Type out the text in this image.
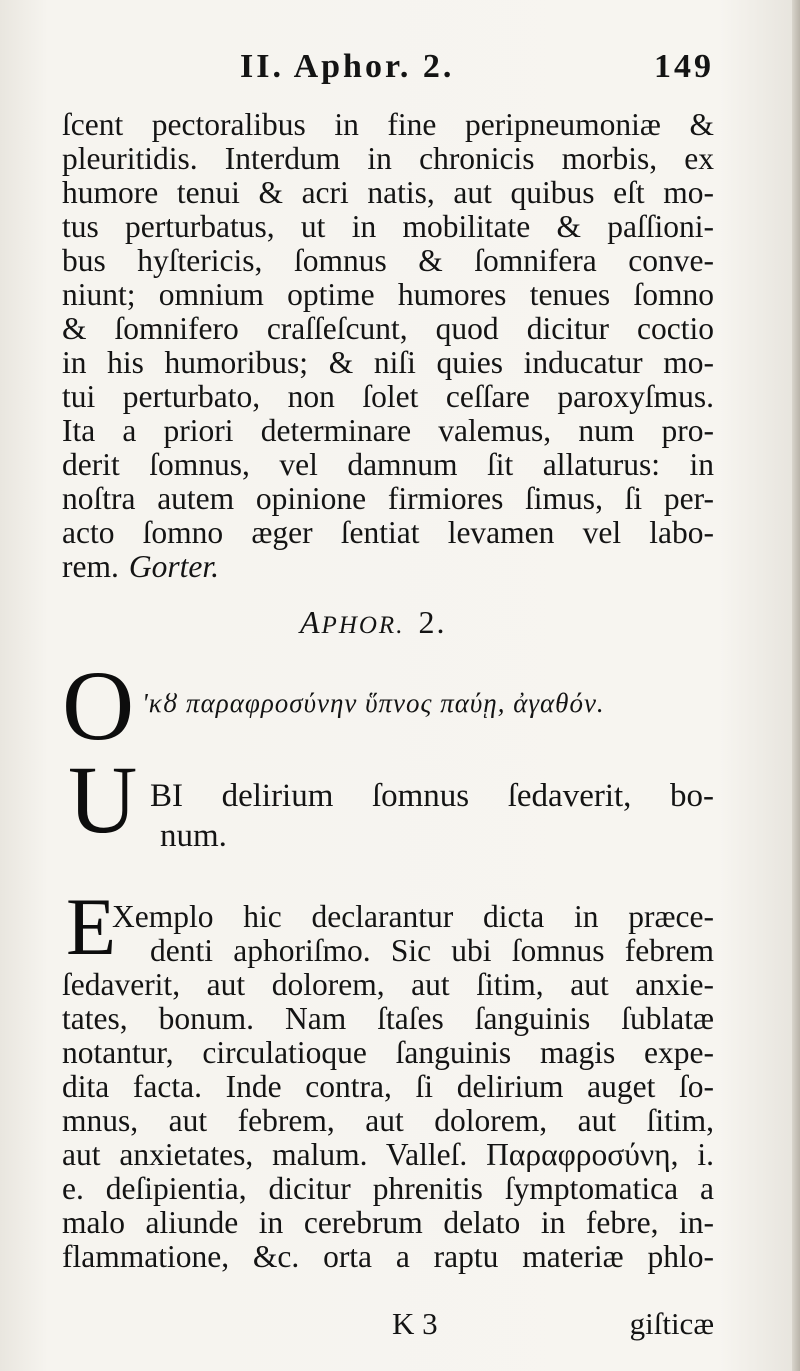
II. Aphor. 2.	149
ſcent pectoralibus in fine peripneumoniæ &
pleuritidis. Interdum in chronicis morbis, ex
humore tenui & acri natis, aut quibus eſt mo-
tus perturbatus, ut in mobilitate & paſſioni-
bus hyſtericis, ſomnus & ſomnifera conve-
niunt; omnium optime humores tenues ſomno
& ſomnifero craſſeſcunt, quod dicitur coctio
in his humoribus; & niſi quies inducatur mo-
tui perturbato, non ſolet ceſſare paroxyſmus.
Ita a priori determinare valemus, num pro-
derit ſomnus, vel damnum ſit allaturus: in
noſtra autem opinione firmiores ſimus, ſi per-
acto ſomno æger ſentiat levamen vel labo-
rem. Gorter.
APHOR. 2.
O 'κȣ παραφροσύνην ὕπνος παύῃ, ἀγαθόν.
U BI delirium ſomnus ſedaverit, bo-
num.
E
Xemplo hic declarantur dicta in præce-
denti aphoriſmo. Sic ubi ſomnus febrem
ſedaverit, aut dolorem, aut ſitim, aut anxie-
tates, bonum. Nam ſtaſes ſanguinis ſublatæ
notantur, circulatioque ſanguinis magis expe-
dita facta. Inde contra, ſi delirium auget ſo-
mnus, aut febrem, aut dolorem, aut ſitim,
aut anxietates, malum. Valleſ. Παραφροσύνη, i.
e. deſipientia, dicitur phrenitis ſymptomatica a
malo aliunde in cerebrum delato in febre, in-
flammatione, &c. orta a raptu materiæ phlo-
K 3	giſticæ
